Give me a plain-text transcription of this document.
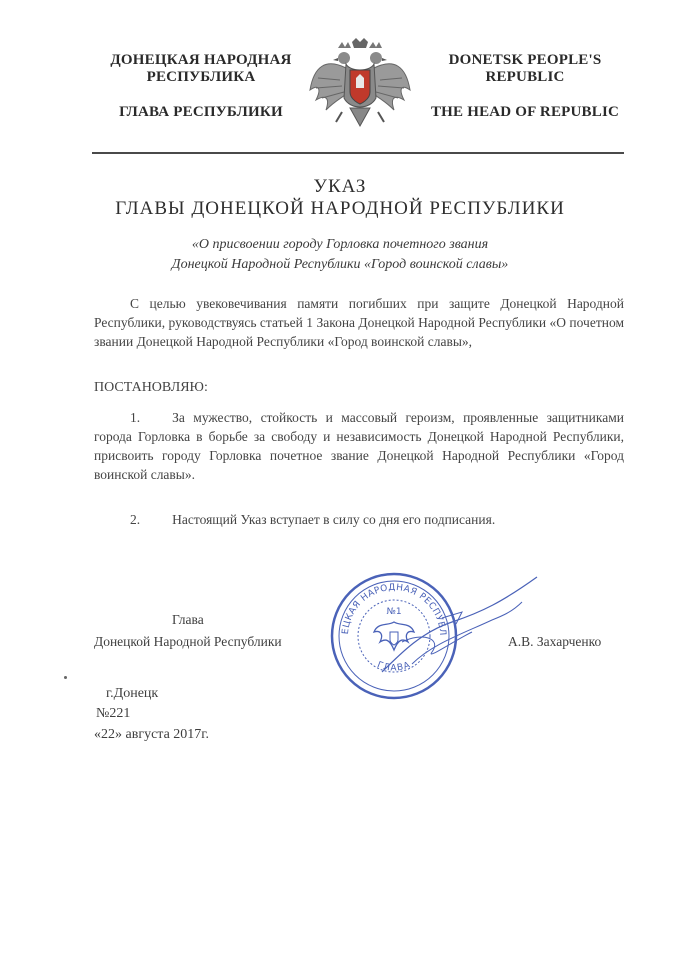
ДОНЕЦКАЯ НАРОДНАЯ
РЕСПУБЛИКА
ГЛАВА РЕСПУБЛИКИ
DONETSK PEOPLE'S
REPUBLIC
THE HEAD OF REPUBLIC
УКАЗ
ГЛАВЫ ДОНЕЦКОЙ НАРОДНОЙ РЕСПУБЛИКИ
«О присвоении городу Горловка почетного звания
Донецкой Народной Республики «Город воинской славы»
С целью увековечивания памяти погибших при защите Донецкой Народной Республики, руководствуясь статьей 1 Закона Донецкой Народной Республики «О почетном звании Донецкой Народной Республики «Город воинской славы»,
ПОСТАНОВЛЯЮ:
1. За мужество, стойкость и массовый героизм, проявленные защитниками города Горловка в борьбе за свободу и независимость Донецкой Народной Республики, присвоить городу Горловка почетное звание Донецкой Народной Республики «Город воинской славы».
2. Настоящий Указ вступает в силу со дня его подписания.
Глава
Донецкой Народной Республики	А.В. Захарченко
ЕЦКАЯ НАРОДНАЯ РЕСПУБЛ
ГЛАВА
№1
г.Донецк
№221
«22» августа 2017г.
